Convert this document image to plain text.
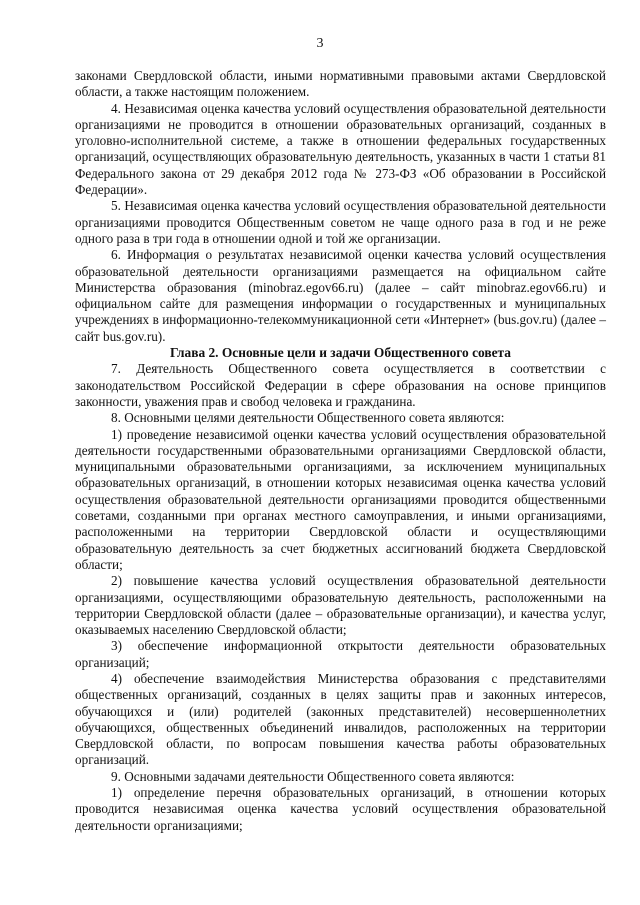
3

законами Свердловской области, иными нормативными правовыми актами Свердловской области, а также настоящим положением.

4. Независимая оценка качества условий осуществления образовательной деятельности организациями не проводится в отношении образовательных организаций, созданных в уголовно-исполнительной системе, а также в отношении федеральных государственных организаций, осуществляющих образовательную деятельность, указанных в части 1 статьи 81 Федерального закона от 29 декабря 2012 года № 273-ФЗ «Об образовании в Российской Федерации».

5. Независимая оценка качества условий осуществления образовательной деятельности организациями проводится Общественным советом не чаще одного раза в год и не реже одного раза в три года в отношении одной и той же организации.

6. Информация о результатах независимой оценки качества условий осуществления образовательной деятельности организациями размещается на официальном сайте Министерства образования (minobraz.egov66.ru) (далее – сайт minobraz.egov66.ru) и официальном сайте для размещения информации о государственных и муниципальных учреждениях в информационно-телекоммуникационной сети «Интернет» (bus.gov.ru) (далее – сайт bus.gov.ru).

Глава 2. Основные цели и задачи Общественного совета

7. Деятельность Общественного совета осуществляется в соответствии с законодательством Российской Федерации в сфере образования на основе принципов законности, уважения прав и свобод человека и гражданина.

8. Основными целями деятельности Общественного совета являются:

1) проведение независимой оценки качества условий осуществления образовательной деятельности государственными образовательными организациями Свердловской области, муниципальными образовательными организациями, за исключением муниципальных образовательных организаций, в отношении которых независимая оценка качества условий осуществления образовательной деятельности организациями проводится общественными советами, созданными при органах местного самоуправления, и иными организациями, расположенными на территории Свердловской области и осуществляющими образовательную деятельность за счет бюджетных ассигнований бюджета Свердловской области;

2) повышение качества условий осуществления образовательной деятельности организациями, осуществляющими образовательную деятельность, расположенными на территории Свердловской области (далее – образовательные организации), и качества услуг, оказываемых населению Свердловской области;

3) обеспечение информационной открытости деятельности образовательных организаций;

4) обеспечение взаимодействия Министерства образования с представителями общественных организаций, созданных в целях защиты прав и законных интересов, обучающихся и (или) родителей (законных представителей) несовершеннолетних обучающихся, общественных объединений инвалидов, расположенных на территории Свердловской области, по вопросам повышения качества работы образовательных организаций.

9. Основными задачами деятельности Общественного совета являются:

1) определение перечня образовательных организаций, в отношении которых проводится независимая оценка качества условий осуществления образовательной деятельности организациями;
